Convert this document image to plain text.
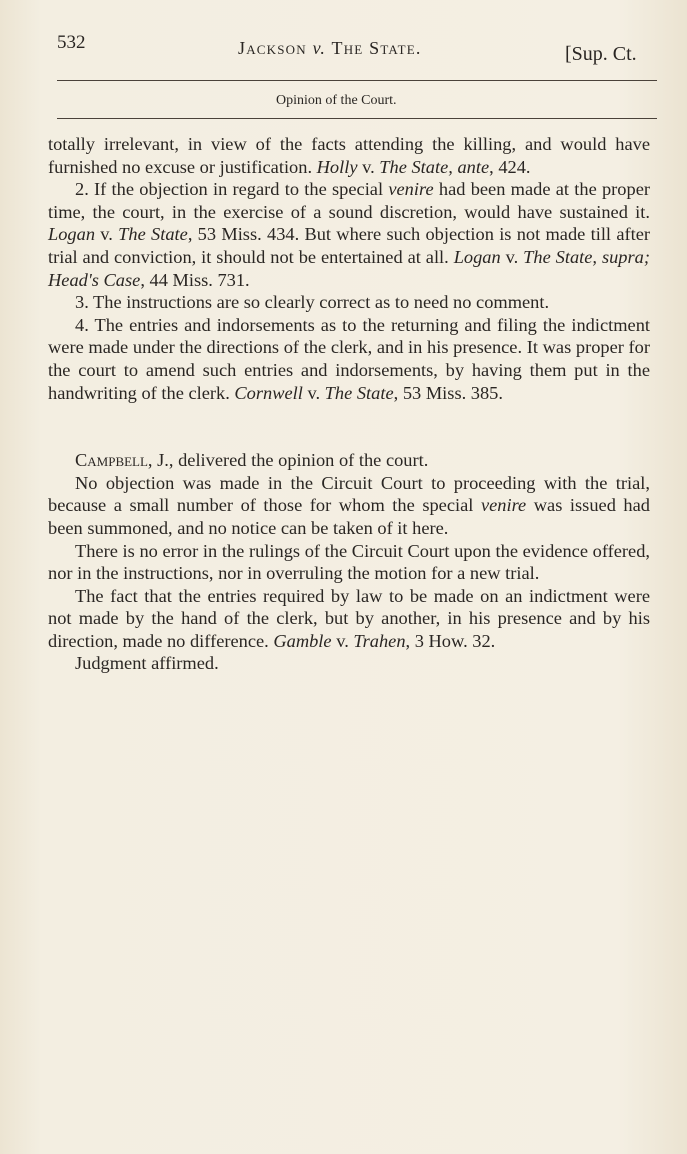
532	Jackson v. The State.	[Sup. Ct.
Opinion of the Court.

totally irrelevant, in view of the facts attending the killing, and would have furnished no excuse or justification. Holly v. The State, ante, 424.

2. If the objection in regard to the special venire had been made at the proper time, the court, in the exercise of a sound discretion, would have sustained it. Logan v. The State, 53 Miss. 434. But where such objection is not made till after trial and conviction, it should not be entertained at all. Logan v. The State, supra; Head's Case, 44 Miss. 731.

3. The instructions are so clearly correct as to need no comment.

4. The entries and indorsements as to the returning and filing the indictment were made under the directions of the clerk, and in his presence. It was proper for the court to amend such entries and indorsements, by having them put in the handwriting of the clerk. Cornwell v. The State, 53 Miss. 385.

Campbell, J., delivered the opinion of the court.

No objection was made in the Circuit Court to proceeding with the trial, because a small number of those for whom the special venire was issued had been summoned, and no notice can be taken of it here.

There is no error in the rulings of the Circuit Court upon the evidence offered, nor in the instructions, nor in overruling the motion for a new trial.

The fact that the entries required by law to be made on an indictment were not made by the hand of the clerk, but by another, in his presence and by his direction, made no difference. Gamble v. Trahen, 3 How. 32.

Judgment affirmed.
